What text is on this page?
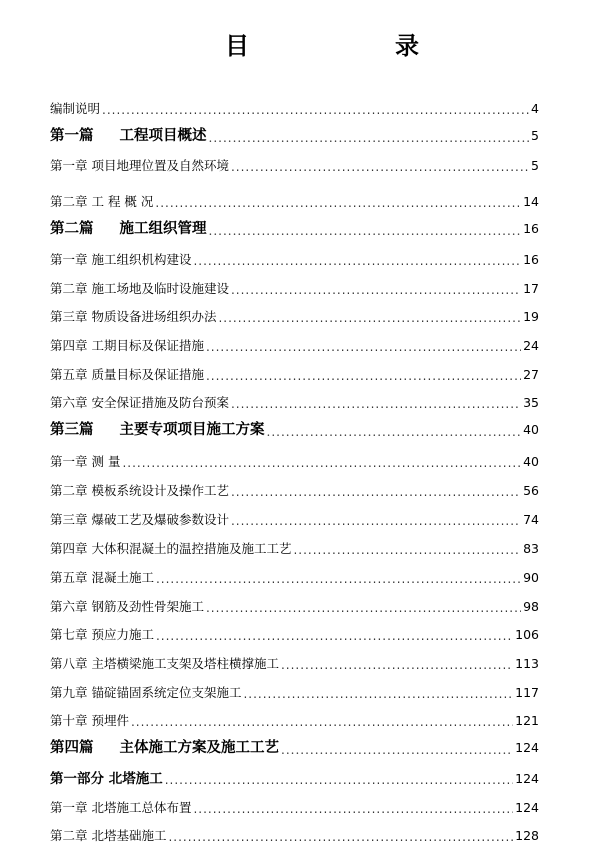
目	录
编制说明 .....	4
第一篇 工程项目概述 .....	5
第一章 项目地理位置及自然环境 .....	5
第二章 工 程 概 况 .....	14
第二篇 施工组织管理 .....	16
第一章 施工组织机构建设 .....	16
第二章 施工场地及临时设施建设 .....	17
第三章 物质设备进场组织办法 .....	19
第四章 工期目标及保证措施 .....	24
第五章 质量目标及保证措施 .....	27
第六章 安全保证措施及防台预案 .....	35
第三篇 主要专项项目施工方案 .....	40
第一章 测 量 .....	40
第二章 模板系统设计及操作工艺 .....	56
第三章 爆破工艺及爆破参数设计 .....	74
第四章 大体积混凝土的温控措施及施工工艺 .....	83
第五章 混凝土施工 .....	90
第六章 钢筋及劲性骨架施工 .....	98
第七章 预应力施工 .....	106
第八章 主塔横梁施工支架及塔柱横撑施工 .....	113
第九章 锚碇锚固系统定位支架施工 .....	117
第十章 预埋件 .....	121
第四篇 主体施工方案及施工工艺 .....	124
第一部分 北塔施工 .....	124
第一章 北塔施工总体布置 .....	124
第二章 北塔基础施工 .....	128
